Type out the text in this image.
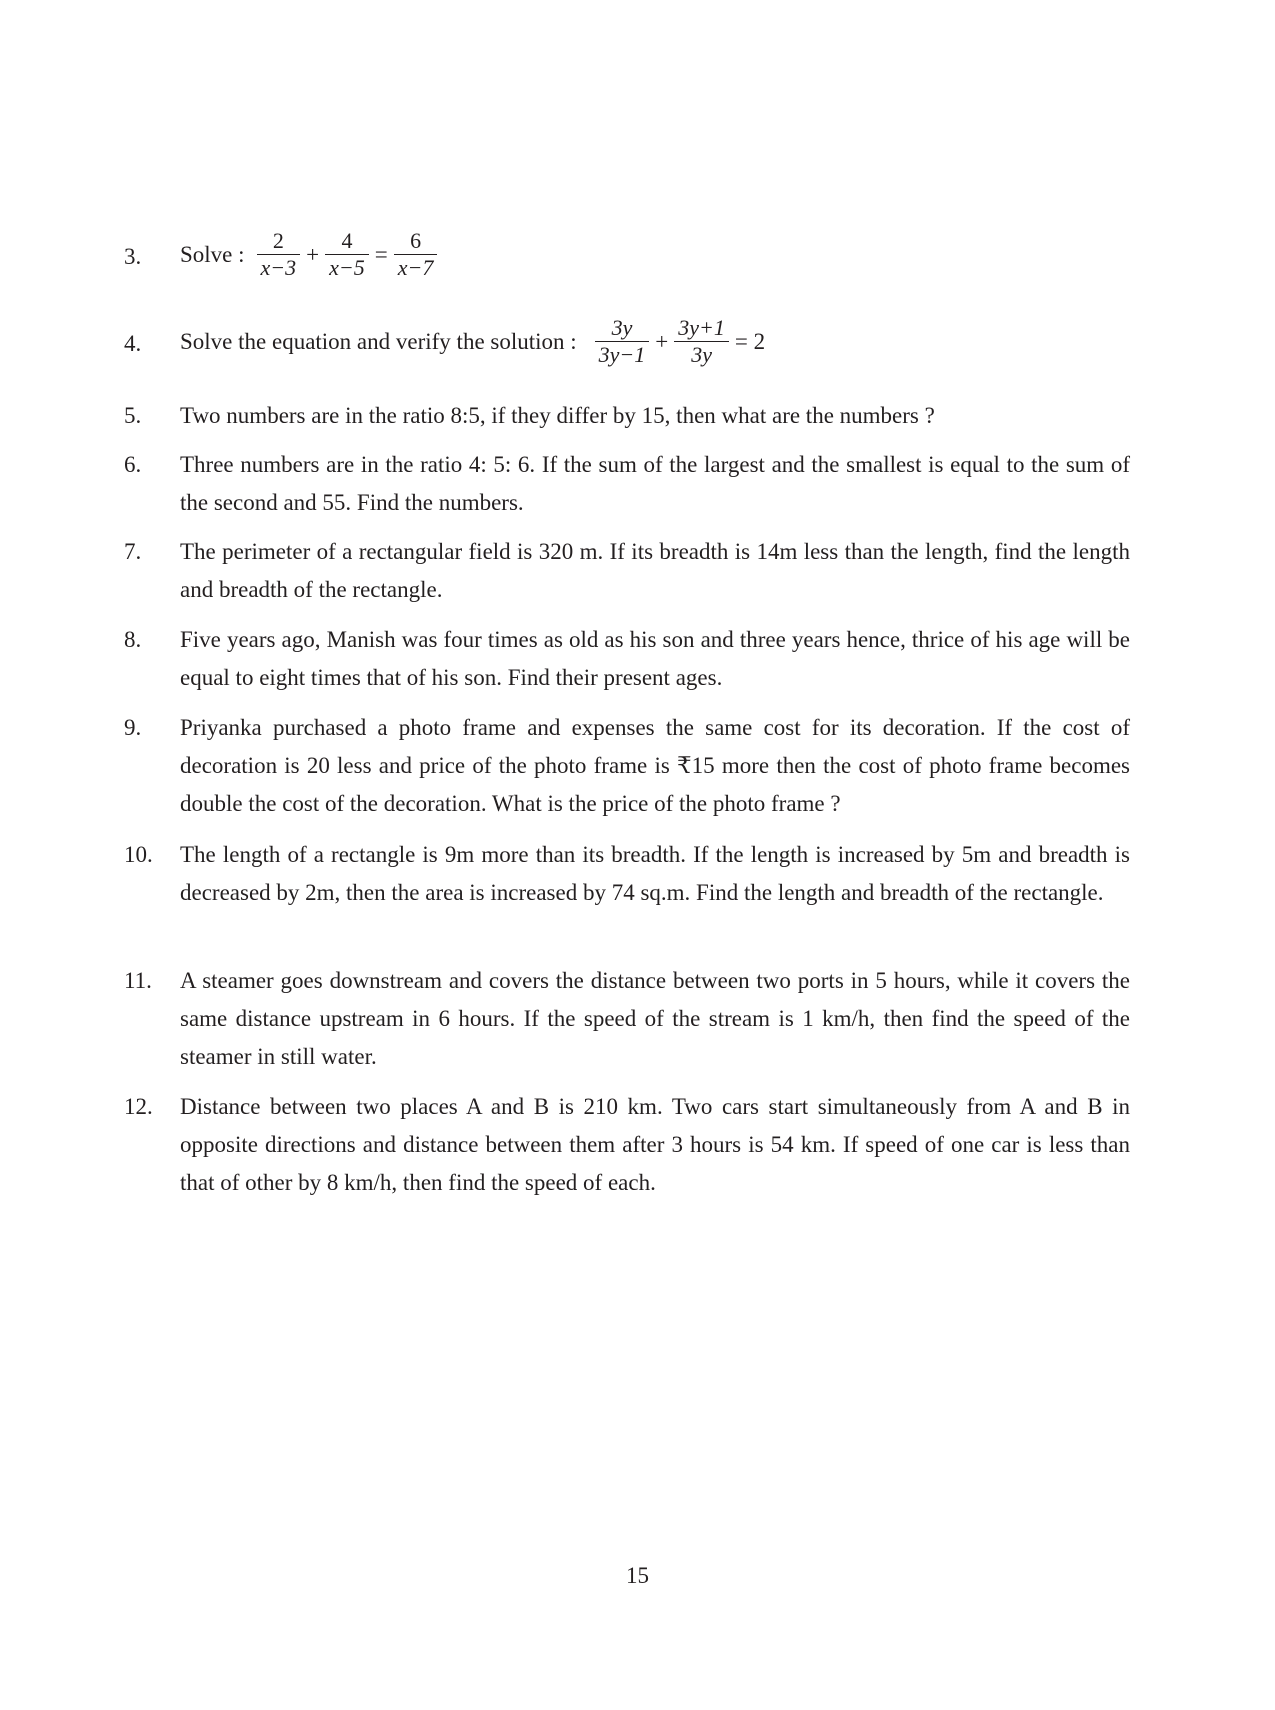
3. Solve : $\frac{2}{x-3} + \frac{4}{x-5} = \frac{6}{x-7}$
4. Solve the equation and verify the solution : $\frac{3y}{3y-1} + \frac{3y+1}{3y} = 2$
5. Two numbers are in the ratio 8:5, if they differ by 15, then what are the numbers ?
6. Three numbers are in the ratio 4: 5: 6. If the sum of the largest and the smallest is equal to the sum of the second and 55. Find the numbers.
7. The perimeter of a rectangular field is 320 m. If its breadth is 14m less than the length, find the length and breadth of the rectangle.
8. Five years ago, Manish was four times as old as his son and three years hence, thrice of his age will be equal to eight times that of his son. Find their present ages.
9. Priyanka purchased a photo frame and expenses the same cost for its decoration. If the cost of decoration is 20 less and price of the photo frame is ₹15 more then the cost of photo frame becomes double the cost of the decoration. What is the price of the photo frame ?
10. The length of a rectangle is 9m more than its breadth. If the length is increased by 5m and breadth is decreased by 2m, then the area is increased by 74 sq.m. Find the length and breadth of the rectangle.
11. A steamer goes downstream and covers the distance between two ports in 5 hours, while it covers the same distance upstream in 6 hours. If the speed of the stream is 1 km/h, then find the speed of the steamer in still water.
12. Distance between two places A and B is 210 km. Two cars start simultaneously from A and B in opposite directions and distance between them after 3 hours is 54 km. If speed of one car is less than that of other by 8 km/h, then find the speed of each.
15
